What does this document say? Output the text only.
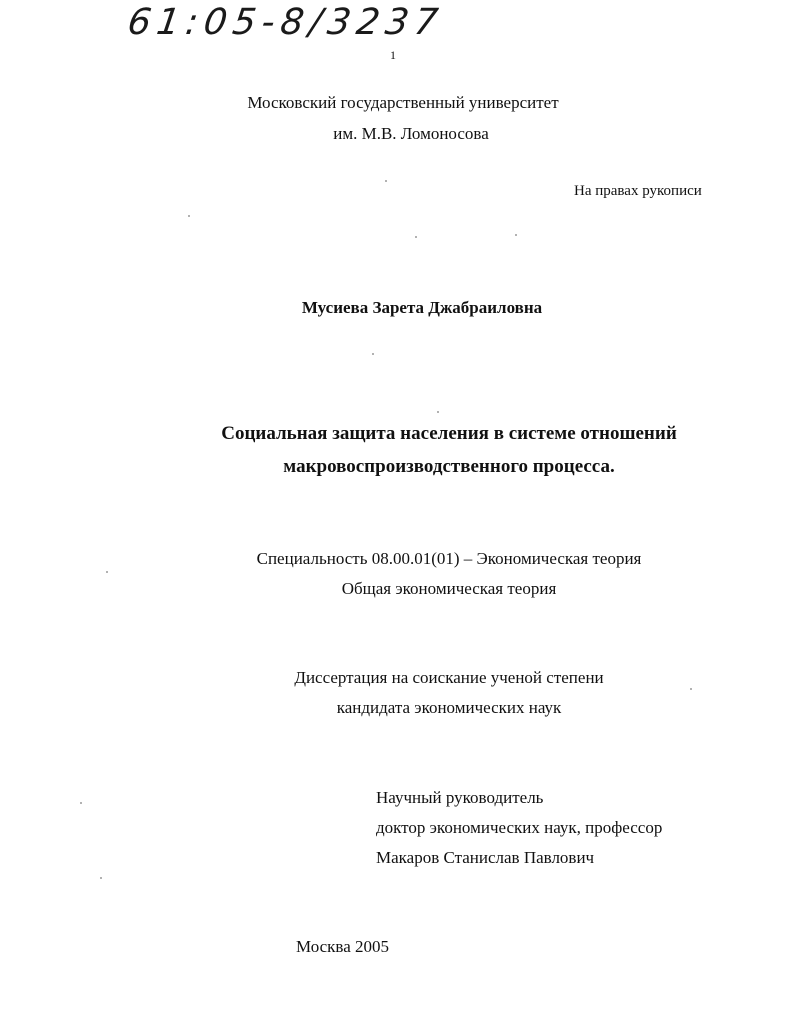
61:05-8/3237
1
Московский государственный университет
им. М.В. Ломоносова
На правах рукописи
Мусиева Зарета Джабраиловна
Социальная защита населения в системе отношений
макровоспроизводственного процесса.
Специальность 08.00.01(01) – Экономическая теория
Общая экономическая теория
Диссертация на соискание ученой степени
кандидата экономических наук
Научный руководитель
доктор экономических наук, профессор
Макаров Станислав Павлович
Москва 2005
